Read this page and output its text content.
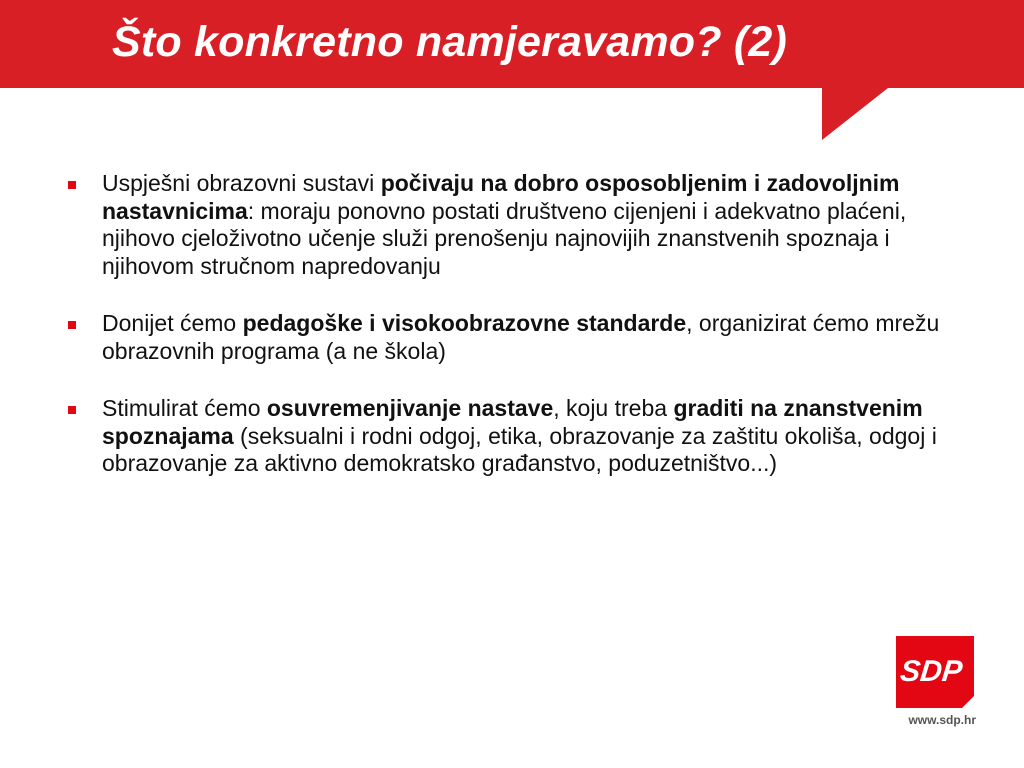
Što konkretno namjeravamo? (2)
Uspješni obrazovni sustavi počivaju na dobro osposobljenim i zadovoljnim nastavnicima: moraju ponovno postati društveno cijenjeni i adekvatno plaćeni, njihovo cjeloživotno učenje služi prenošenju najnovijih znanstvenih spoznaja i njihovom stručnom napredovanju
Donijet ćemo pedagoške i visokoobrazovne standarde, organizirat ćemo mrežu obrazovnih programa (a ne škola)
Stimulirat ćemo osuvremenjivanje nastave, koju treba graditi na znanstvenim spoznajama (seksualni i rodni odgoj, etika, obrazovanje za zaštitu okoliša, odgoj i obrazovanje za aktivno demokratsko građanstvo, poduzetništvo...)
SDP
www.sdp.hr
